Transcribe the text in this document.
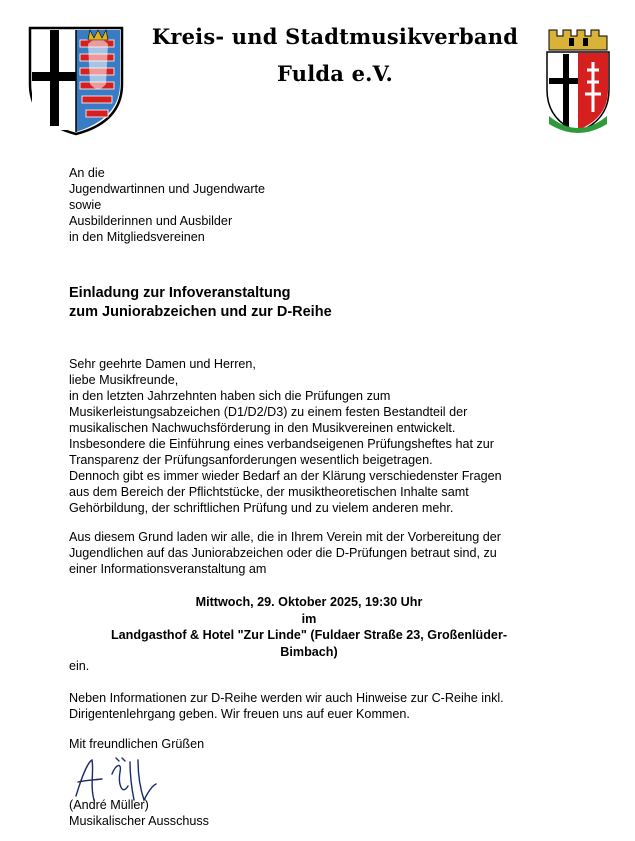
Kreis- und Stadtmusikverband
Fulda e.V.
An die
Jugendwartinnen und Jugendwarte
sowie
Ausbilderinnen und Ausbilder
in den Mitgliedsvereinen
Einladung zur Infoveranstaltung
zum Juniorabzeichen und zur D-Reihe
Sehr geehrte Damen und Herren,
liebe Musikfreunde,
in den letzten Jahrzehnten haben sich die Prüfungen zum
Musikerleistungsabzeichen (D1/D2/D3) zu einem festen Bestandteil der
musikalischen Nachwuchsförderung in den Musikvereinen entwickelt.
Insbesondere die Einführung eines verbandseigenen Prüfungsheftes hat zur
Transparenz der Prüfungsanforderungen wesentlich beigetragen.
Dennoch gibt es immer wieder Bedarf an der Klärung verschiedenster Fragen
aus dem Bereich der Pflichtstücke, der musiktheoretischen Inhalte samt
Gehörbildung, der schriftlichen Prüfung und zu vielem anderen mehr.
Aus diesem Grund laden wir alle, die in Ihrem Verein mit der Vorbereitung der
Jugendlichen auf das Juniorabzeichen oder die D-Prüfungen betraut sind, zu
einer Informationsveranstaltung am
Mittwoch, 29. Oktober 2025, 19:30 Uhr
im
Landgasthof & Hotel "Zur Linde" (Fuldaer Straße 23, Großenlüder-
Bimbach)
ein.
Neben Informationen zur D-Reihe werden wir auch Hinweise zur C-Reihe inkl.
Dirigentenlehrgang geben. Wir freuen uns auf euer Kommen.
Mit freundlichen Grüßen
(André Müller)
Musikalischer Ausschuss
